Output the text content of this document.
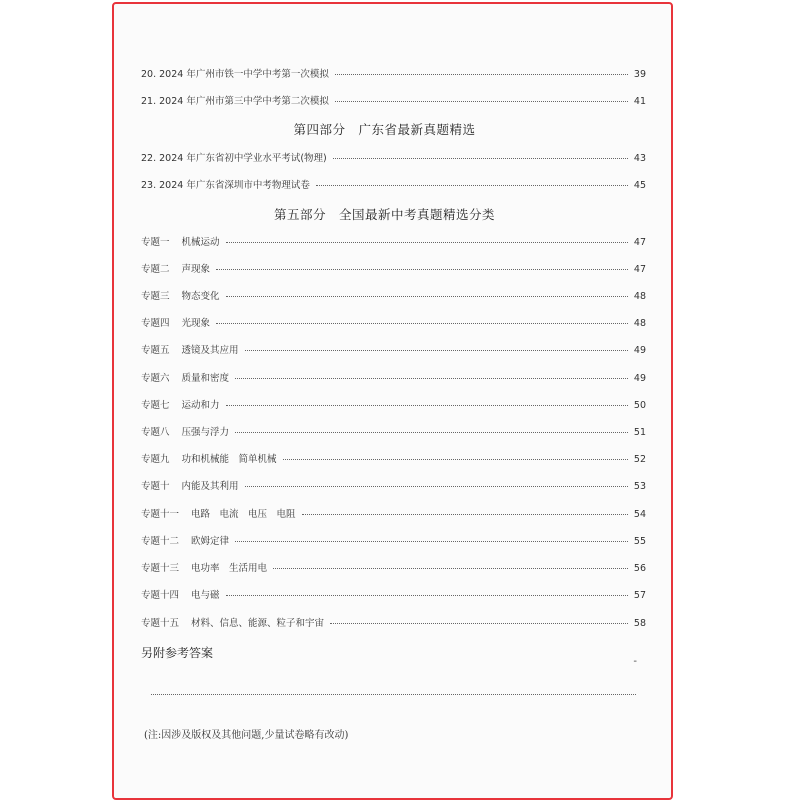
20. 2024 年广州市铁一中学中考第一次模拟	39
21. 2024 年广州市第三中学中考第二次模拟	41
第四部分　广东省最新真题精选
22. 2024 年广东省初中学业水平考试(物理)	43
23. 2024 年广东省深圳市中考物理试卷	45
第五部分　全国最新中考真题精选分类
专题一 机械运动	47
专题二 声现象	47
专题三 物态变化	48
专题四 光现象	48
专题五 透镜及其应用	49
专题六 质量和密度	49
专题七 运动和力	50
专题八 压强与浮力	51
专题九 功和机械能　简单机械	52
专题十 内能及其利用	53
专题十一 电路　电流　电压　电阻	54
专题十二 欧姆定律	55
专题十三 电功率　生活用电	56
专题十四 电与磁	57
专题十五 材料、信息、能源、粒子和宇宙	58
另附参考答案
-
(注:因涉及版权及其他问题,少量试卷略有改动)
